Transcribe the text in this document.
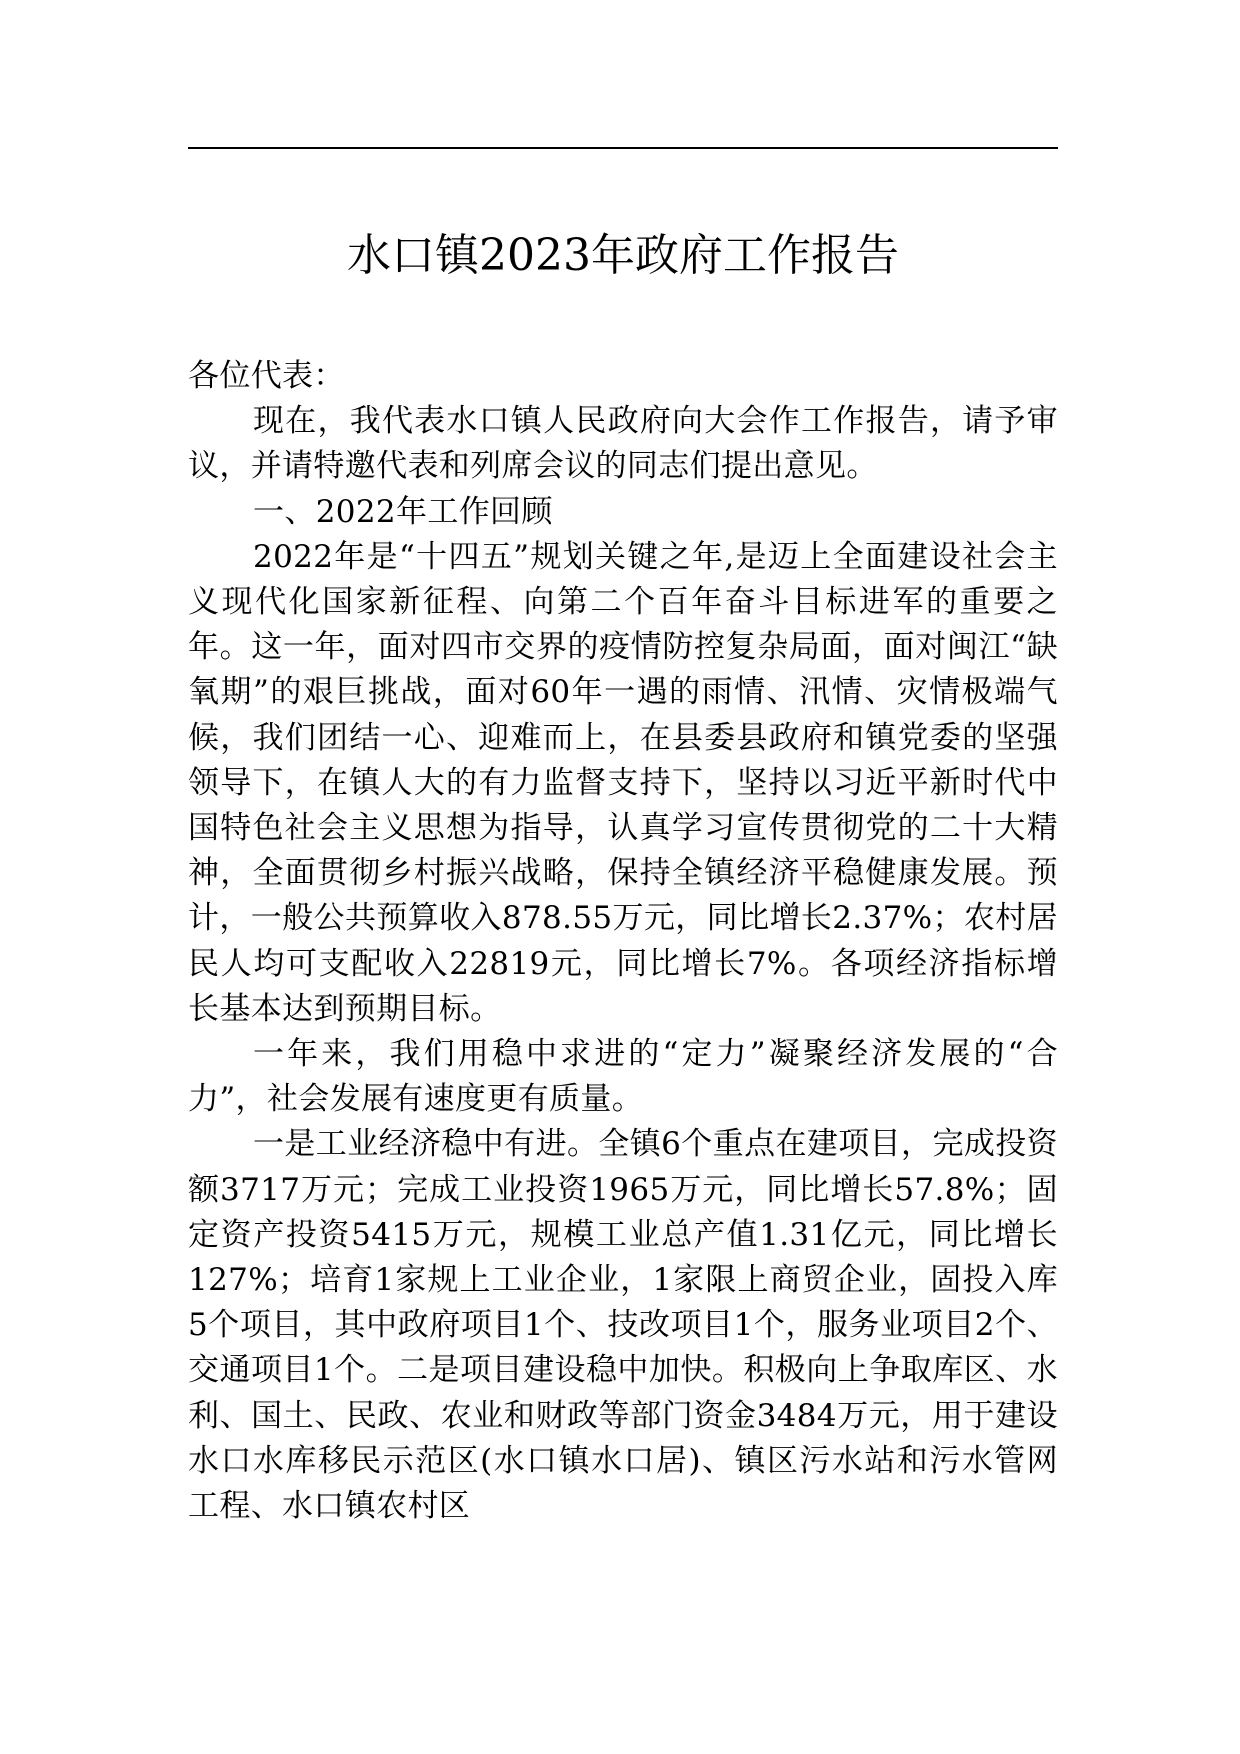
水口镇2023年政府工作报告

各位代表：

现在，我代表水口镇人民政府向大会作工作报告，请予审议，并请特邀代表和列席会议的同志们提出意见。

一、2022年工作回顾

2022年是“十四五”规划关键之年,是迈上全面建设社会主义现代化国家新征程、向第二个百年奋斗目标进军的重要之年。这一年，面对四市交界的疫情防控复杂局面，面对闽江“缺氧期”的艰巨挑战，面对60年一遇的雨情、汛情、灾情极端气候，我们团结一心、迎难而上，在县委县政府和镇党委的坚强领导下，在镇人大的有力监督支持下，坚持以习近平新时代中国特色社会主义思想为指导，认真学习宣传贯彻党的二十大精神，全面贯彻乡村振兴战略，保持全镇经济平稳健康发展。预计，一般公共预算收入878.55万元，同比增长2.37%；农村居民人均可支配收入22819元，同比增长7%。各项经济指标增长基本达到预期目标。

一年来，我们用稳中求进的“定力”凝聚经济发展的“合力”，社会发展有速度更有质量。

一是工业经济稳中有进。全镇6个重点在建项目，完成投资额3717万元；完成工业投资1965万元，同比增长57.8%；固定资产投资5415万元，规模工业总产值1.31亿元，同比增长127%；培育1家规上工业企业，1家限上商贸企业，固投入库5个项目，其中政府项目1个、技改项目1个，服务业项目2个、交通项目1个。二是项目建设稳中加快。积极向上争取库区、水利、国土、民政、农业和财政等部门资金3484万元，用于建设水口水库移民示范区(水口镇水口居)、镇区污水站和污水管网工程、水口镇农村区
